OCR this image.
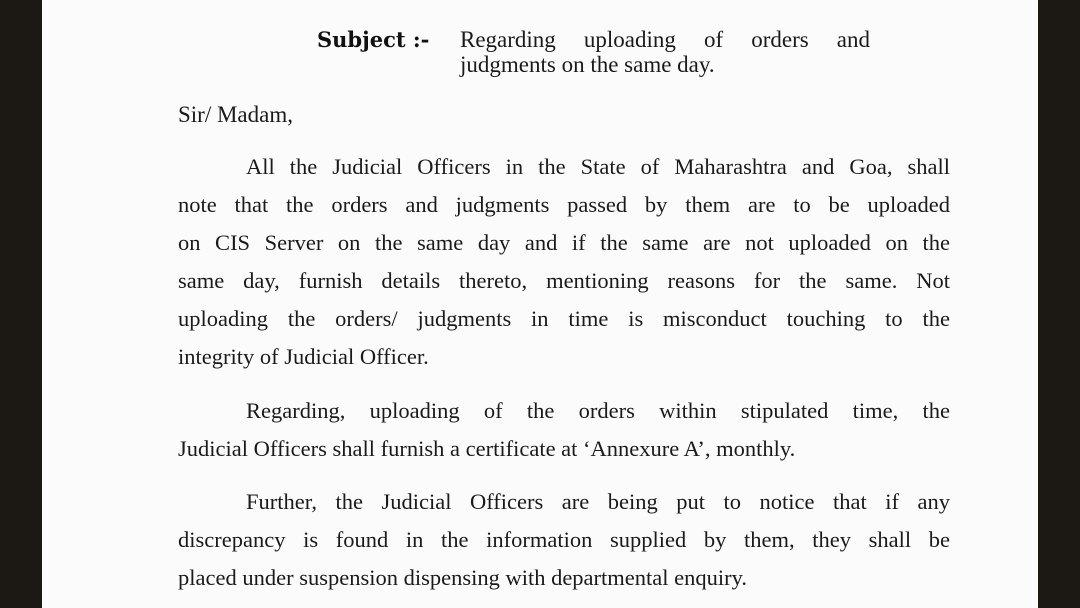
Subject :- Regarding uploading of orders and
judgments on the same day.
Sir/ Madam,
All the Judicial Officers in the State of Maharashtra and Goa, shall
note that the orders and judgments passed by them are to be uploaded
on CIS Server on the same day and if the same are not uploaded on the
same day, furnish details thereto, mentioning reasons for the same. Not
uploading the orders/ judgments in time is misconduct touching to the
integrity of Judicial Officer.
Regarding, uploading of the orders within stipulated time, the
Judicial Officers shall furnish a certificate at ‘Annexure A’, monthly.
Further, the Judicial Officers are being put to notice that if any
discrepancy is found in the information supplied by them, they shall be
placed under suspension dispensing with departmental enquiry.
